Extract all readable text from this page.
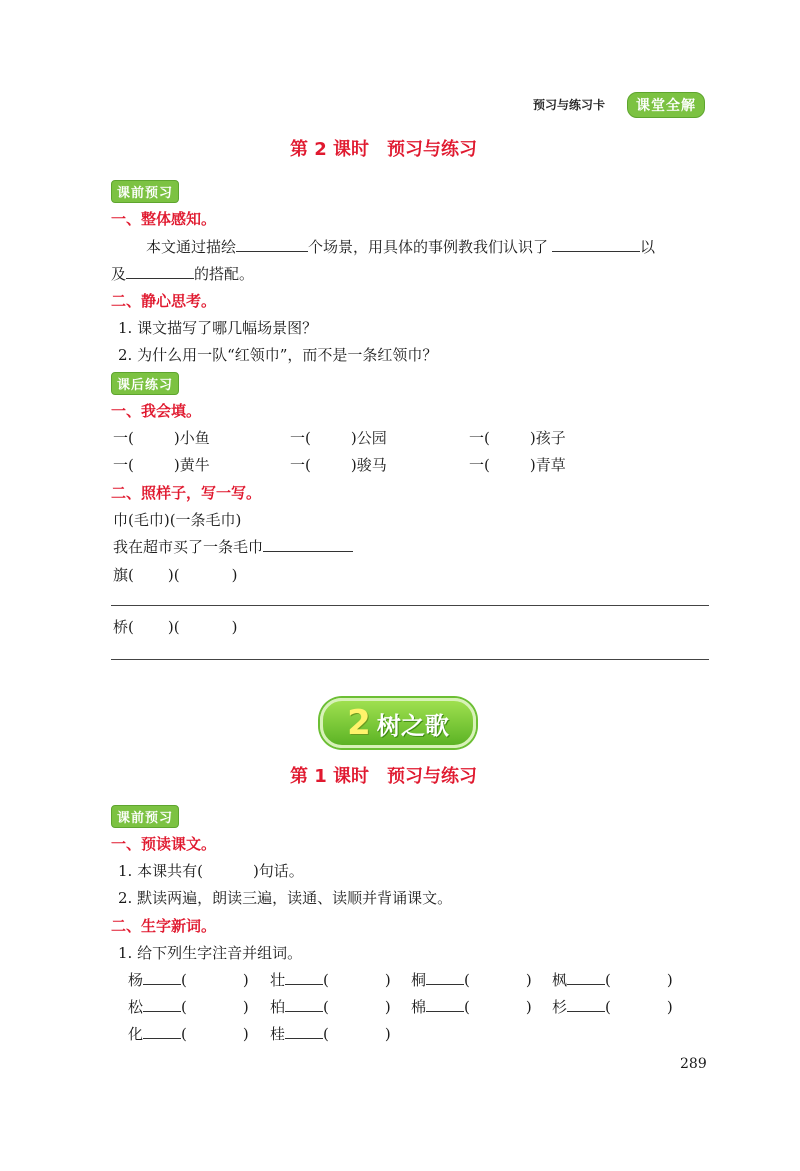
预习与练习卡	课堂全解
第 2 课时　预习与练习
课前预习
一、整体感知。
本文通过描绘	个场景，用具体的事例教我们认识了	以
及	的搭配。
二、静心思考。
1. 课文描写了哪几幅场景图？
2. 为什么用一队“红领巾”，而不是一条红领巾？
课后练习
一、我会填。
一(	)小鱼	一(	)公园	一(	)孩子
一(	)黄牛	一(	)骏马	一(	)青草
二、照样子，写一写。
巾(毛巾)(一条毛巾)
我在超市买了一条毛巾
旗( )(	)
桥( )(	)
2 树之歌
第 1 课时　预习与练习
课前预习
一、预读课文。
1. 本课共有(	)句话。
2. 默读两遍，朗读三遍，读通、读顺并背诵课文。
二、生字新词。
1. 给下列生字注音并组词。
杨	(	) 壮	(	) 桐	(	) 枫	(	)
松	(	) 柏	(	) 棉	(	) 杉	(	)
化	(	) 桂	(	)
289
